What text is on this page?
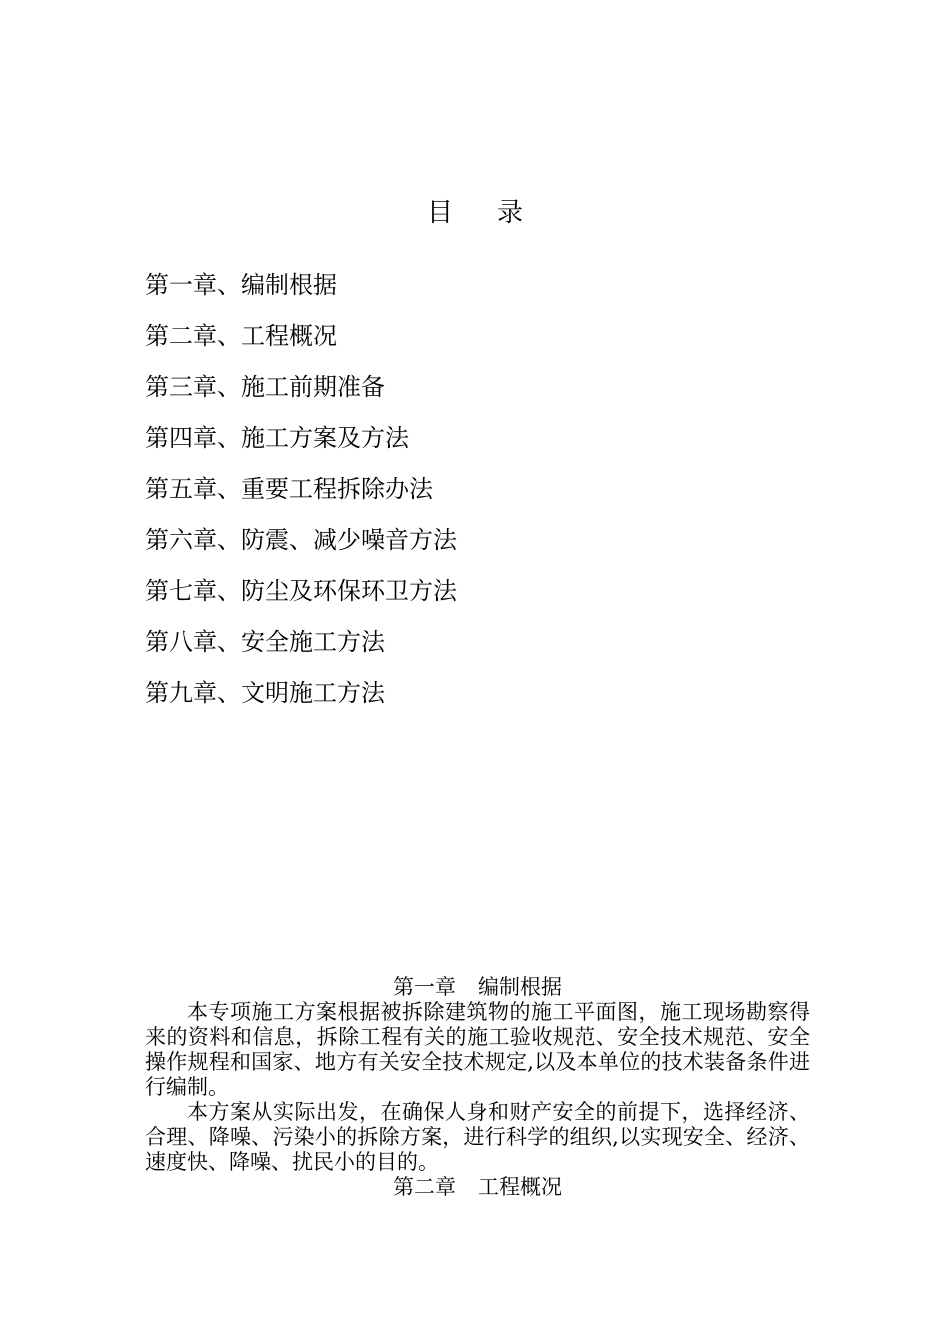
目 录
第一章、编制根据
第二章、工程概况
第三章、施工前期准备
第四章、施工方案及方法
第五章、重要工程拆除办法
第六章、防震、减少噪音方法
第七章、防尘及环保环卫方法
第八章、安全施工方法
第九章、文明施工方法
第一章 编制根据

本专项施工方案根据被拆除建筑物的施工平面图，施工现场勘察得来的资料和信息，拆除工程有关的施工验收规范、安全技术规范、安全操作规程和国家、地方有关安全技术规定,以及本单位的技术装备条件进行编制。

本方案从实际出发，在确保人身和财产安全的前提下，选择经济、合理、降噪、污染小的拆除方案，进行科学的组织,以实现安全、经济、速度快、降噪、扰民小的目的。

第二章 工程概况
